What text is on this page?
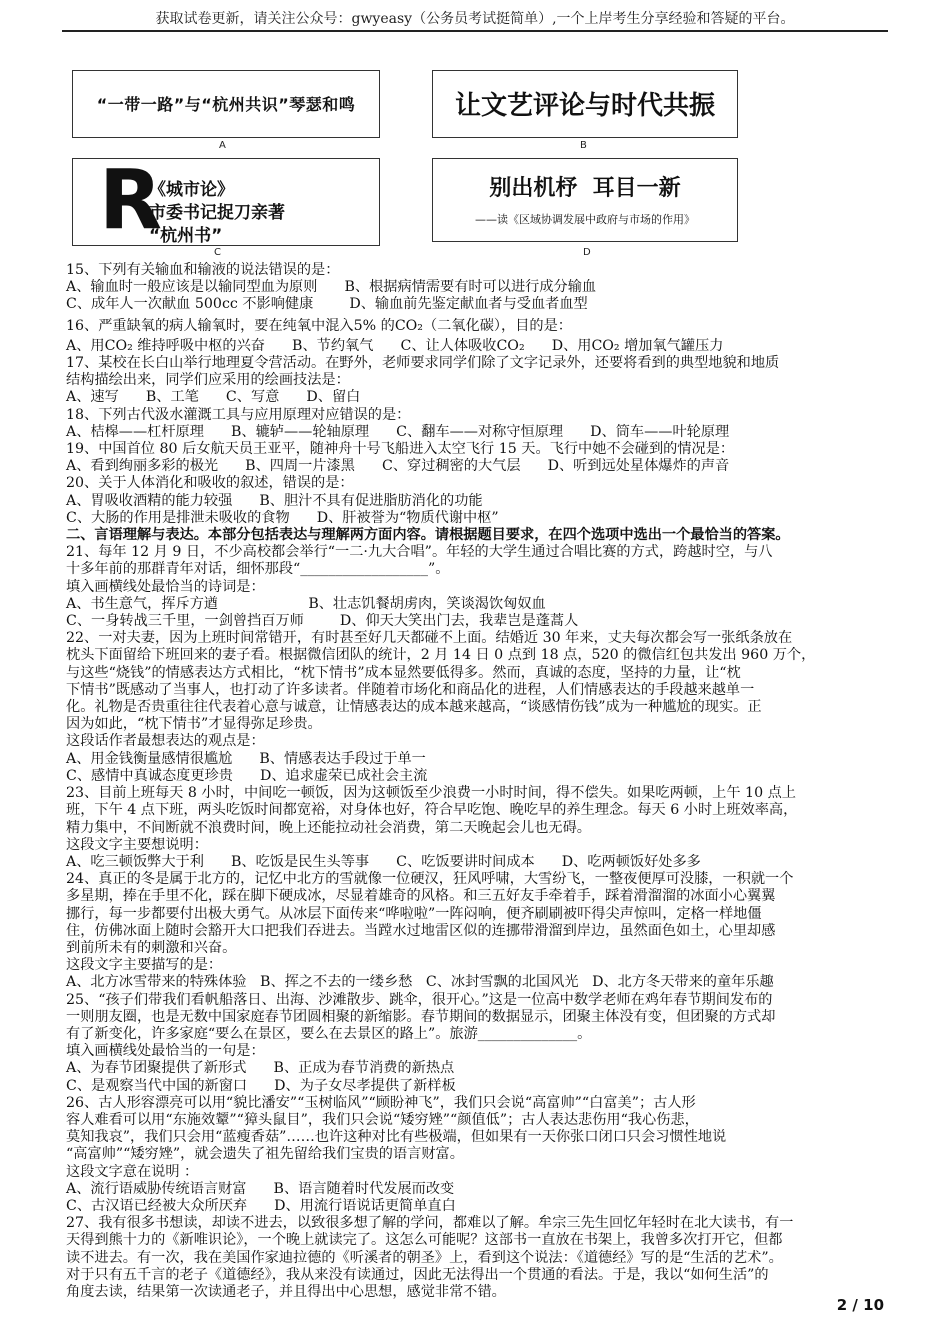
获取试卷更新，请关注公众号：gwyeasy（公务员考试挺简单）,一个上岸考生分享经验和答疑的平台。
“一带一路”与“杭州共识”琴瑟和鸣
A
让文艺评论与时代共振
B
R
《城市论》
市委书记捉刀亲著
“杭州书”
C
别出机杼  耳目一新
——读《区域协调发展中政府与市场的作用》
D

15、下列有关输血和输液的说法错误的是：

A、输血时一般应该是以输同型血为原则      B、根据病情需要有时可以进行成分输血

C、成年人一次献血 500cc 不影响健康        D、输血前先鉴定献血者与受血者血型

16、严重缺氧的病人输氧时，要在纯氧中混入5% 的CO₂（二氧化碳），目的是：

A、用CO₂ 维持呼吸中枢的兴奋      B、节约氧气      C、让人体吸收CO₂      D、用CO₂ 增加氧气罐压力

17、某校在长白山举行地理夏令营活动。在野外，老师要求同学们除了文字记录外，还要将看到的典型地貌和地质

结构描绘出来，同学们应采用的绘画技法是：

A、速写      B、工笔      C、写意      D、留白

18、下列古代汲水灌溉工具与应用原理对应错误的是：

A、桔槔——杠杆原理      B、辘轳——轮轴原理      C、翻车——对称守恒原理      D、筒车——叶轮原理

19、中国首位 80 后女航天员王亚平，随神舟十号飞船进入太空飞行 15 天。飞行中她不会碰到的情况是：

A、看到绚丽多彩的极光      B、四周一片漆黑      C、穿过稠密的大气层      D、听到远处星体爆炸的声音

20、关于人体消化和吸收的叙述，错误的是：

A、胃吸收酒精的能力较强      B、胆汁不具有促进脂肪消化的功能

C、大肠的作用是排泄未吸收的食物      D、肝被誉为“物质代谢中枢”

二、言语理解与表达。本部分包括表达与理解两方面内容。请根据题目要求，在四个选项中选出一个最恰当的答案。

21、每年 12 月 9 日，不少高校都会举行“一二·九大合唱”。年轻的大学生通过合唱比赛的方式，跨越时空，与八

十多年前的那群青年对话，细怀那段“__________________”。

填入画横线处最恰当的诗词是：

A、书生意气，挥斥方遒                    B、壮志饥餐胡虏肉，笑谈渴饮匈奴血

C、一身转战三千里，一剑曾挡百万师        D、仰天大笑出门去，我辈岂是蓬蒿人

22、一对夫妻，因为上班时间常错开，有时甚至好几天都碰不上面。结婚近 30 年来，丈夫每次都会写一张纸条放在

枕头下面留给下班回来的妻子看。根据微信团队的统计，2 月 14 日 0 点到 18 点，520 的微信红包共发出 960 万个，

与这些“烧钱”的情感表达方式相比，“枕下情书”成本显然要低得多。然而，真诚的态度，坚持的力量，让“枕

下情书”既感动了当事人，也打动了许多读者。伴随着市场化和商品化的进程，人们情感表达的手段越来越单一

化。礼物是否贵重往往代表着心意与诚意，让情感表达的成本越来越高，“谈感情伤钱”成为一种尴尬的现实。正

因为如此，“枕下情书”才显得弥足珍贵。

这段话作者最想表达的观点是：

A、用金钱衡量感情很尴尬      B、情感表达手段过于单一

C、感情中真诚态度更珍贵      D、追求虚荣已成社会主流

23、目前上班每天 8 小时，中间吃一顿饭，因为这顿饭至少浪费一小时时间，得不偿失。如果吃两顿，上午 10 点上

班，下午 4 点下班，两头吃饭时间都宽裕，对身体也好，符合早吃饱、晚吃早的养生理念。每天 6 小时上班效率高，

精力集中，不间断就不浪费时间，晚上还能拉动社会消费，第二天晚起会儿也无碍。

这段文字主要想说明：

A、吃三顿饭弊大于利      B、吃饭是民生头等事      C、吃饭要讲时间成本      D、吃两顿饭好处多多

24、真正的冬是属于北方的，记忆中北方的雪就像一位硬汉，狂风呼啸，大雪纷飞，一整夜便厚可没膝，一积就一个

多星期，捧在手里不化，踩在脚下硬成冰，尽显着雄奇的风格。和三五好友手牵着手，踩着滑溜溜的冰面小心翼翼

挪行，每一步都要付出极大勇气。从冰层下面传来“哗啦啦”一阵闷响，便齐刷刷被吓得尖声惊叫，定格一样地僵

住，仿佛冰面上随时会豁开大口把我们吞进去。当蹚水过地雷区似的连挪带滑溜到岸边，虽然面色如土，心里却感

到前所未有的刺激和兴奋。

这段文字主要描写的是：

A、北方冰雪带来的特殊体验   B、挥之不去的一缕乡愁   C、冰封雪飘的北国风光   D、北方冬天带来的童年乐趣

25、“孩子们带我们看帆船落日、出海、沙滩散步、跳伞，很开心。”这是一位高中数学老师在鸡年春节期间发布的

一则朋友圈，也是无数中国家庭春节团圆相聚的新缩影。春节期间的数据显示，团聚主体没有变，但团聚的方式却

有了新变化，许多家庭“要么在景区，要么在去景区的路上”。旅游______________。

填入画横线处最恰当的一句是：

A、为春节团聚提供了新形式      B、正成为春节消费的新热点

C、是观察当代中国的新窗口      D、为子女尽孝提供了新样板

26、古人形容漂亮可以用“貌比潘安”“玉树临风”“顾盼神飞”，我们只会说“高富帅”“白富美”；古人形

容人难看可以用“东施效颦”“獐头鼠目”，我们只会说“矮穷矬”“颜值低”；古人表达悲伤用“我心伤悲，

莫知我哀”，我们只会用“蓝瘦香菇”……也许这种对比有些极端，但如果有一天你张口闭口只会习惯性地说

“高富帅”“矮穷矬”，就会遗失了祖先留给我们宝贵的语言财富。

这段文字意在说明 ：

A、流行语威胁传统语言财富      B、语言随着时代发展而改变

C、古汉语已经被大众所厌弃      D、用流行语说话更简单直白

27、我有很多书想读，却读不进去，以致很多想了解的学问，都难以了解。牟宗三先生回忆年轻时在北大读书，有一

天得到熊十力的《新唯识论》，一个晚上就读完了。这怎么可能呢？这部书一直放在书架上，我曾多次打开它，但都

读不进去。有一次，我在美国作家迪拉德的《听溪者的朝圣》上，看到这个说法：《道德经》写的是“生活的艺术”。

对于只有五千言的老子《道德经》，我从来没有读通过，因此无法得出一个贯通的看法。于是，我以“如何生活”的

角度去读，结果第一次读通老子，并且得出中心思想，感觉非常不错。

2 / 10
